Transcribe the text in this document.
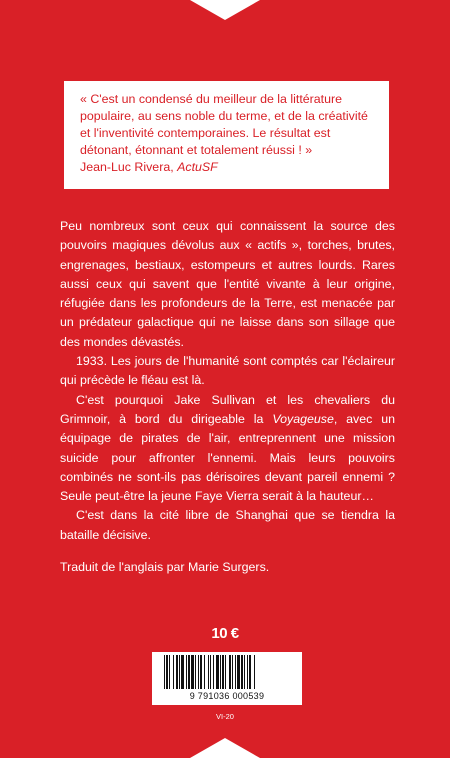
« C'est un condensé du meilleur de la littérature populaire, au sens noble du terme, et de la créativité et l'inventivité contemporaines. Le résultat est détonant, étonnant et totalement réussi ! »
Jean-Luc Rivera, ActuSF

Peu nombreux sont ceux qui connaissent la source des pouvoirs magiques dévolus aux « actifs », torches, brutes, engrenages, bestiaux, estompeurs et autres lourds. Rares aussi ceux qui savent que l'entité vivante à leur origine, réfugiée dans les profondeurs de la Terre, est menacée par un prédateur galactique qui ne laisse dans son sillage que des mondes dévastés.

1933. Les jours de l'humanité sont comptés car l'éclaireur qui précède le fléau est là.

C'est pourquoi Jake Sullivan et les chevaliers du Grimnoir, à bord du dirigeable la Voyageuse, avec un équipage de pirates de l'air, entreprennent une mission suicide pour affronter l'ennemi. Mais leurs pouvoirs combinés ne sont-ils pas dérisoires devant pareil ennemi ? Seule peut-être la jeune Faye Vierra serait à la hauteur…

C'est dans la cité libre de Shanghai que se tiendra la bataille décisive.

Traduit de l'anglais par Marie Surgers.

10 €
9 791036 000539
VI-20
